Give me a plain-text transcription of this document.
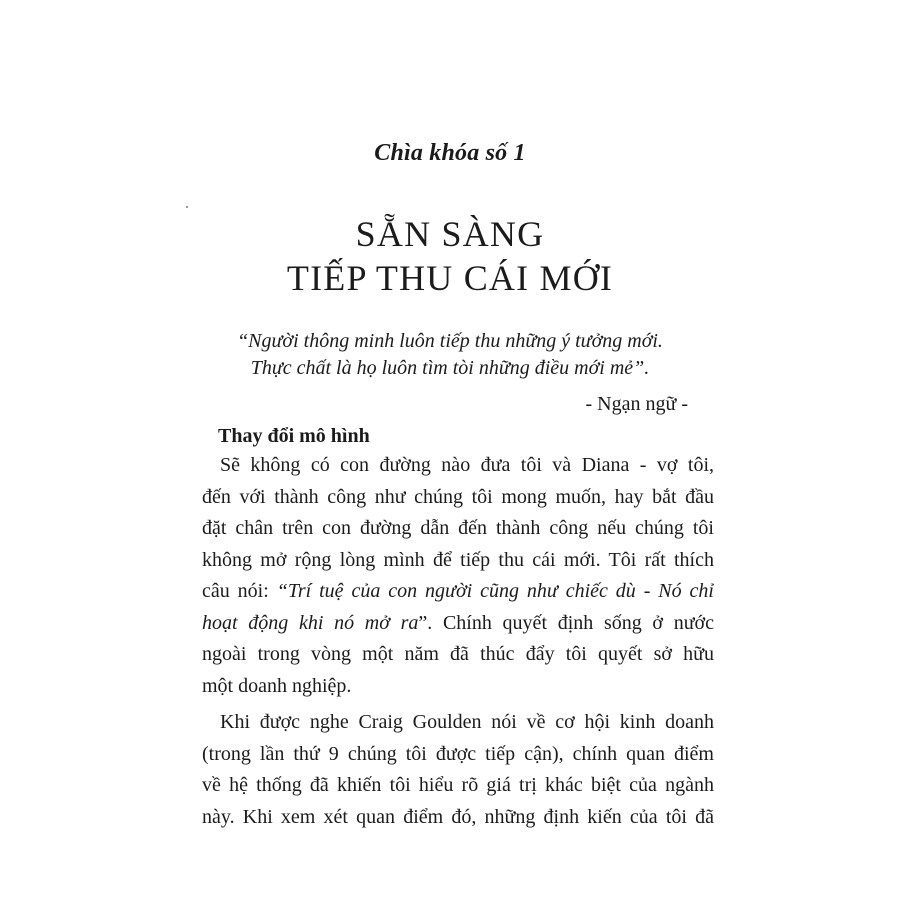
Chìa khóa số 1
SẴN SÀNG
TIẾP THU CÁI MỚI
“Người thông minh luôn tiếp thu những ý tưởng mới.
Thực chất là họ luôn tìm tòi những điều mới mẻ”.
- Ngạn ngữ -
Thay đổi mô hình
Sẽ không có con đường nào đưa tôi và Diana - vợ tôi,
đến với thành công như chúng tôi mong muốn, hay bắt đầu
đặt chân trên con đường dẫn đến thành công nếu chúng tôi
không mở rộng lòng mình để tiếp thu cái mới. Tôi rất thích
câu nói: “Trí tuệ của con người cũng như chiếc dù - Nó chỉ
hoạt động khi nó mở ra”. Chính quyết định sống ở nước
ngoài trong vòng một năm đã thúc đẩy tôi quyết sở hữu
một doanh nghiệp.
Khi được nghe Craig Goulden nói về cơ hội kinh doanh
(trong lần thứ 9 chúng tôi được tiếp cận), chính quan điểm
về hệ thống đã khiến tôi hiểu rõ giá trị khác biệt của ngành
này. Khi xem xét quan điểm đó, những định kiến của tôi đã
